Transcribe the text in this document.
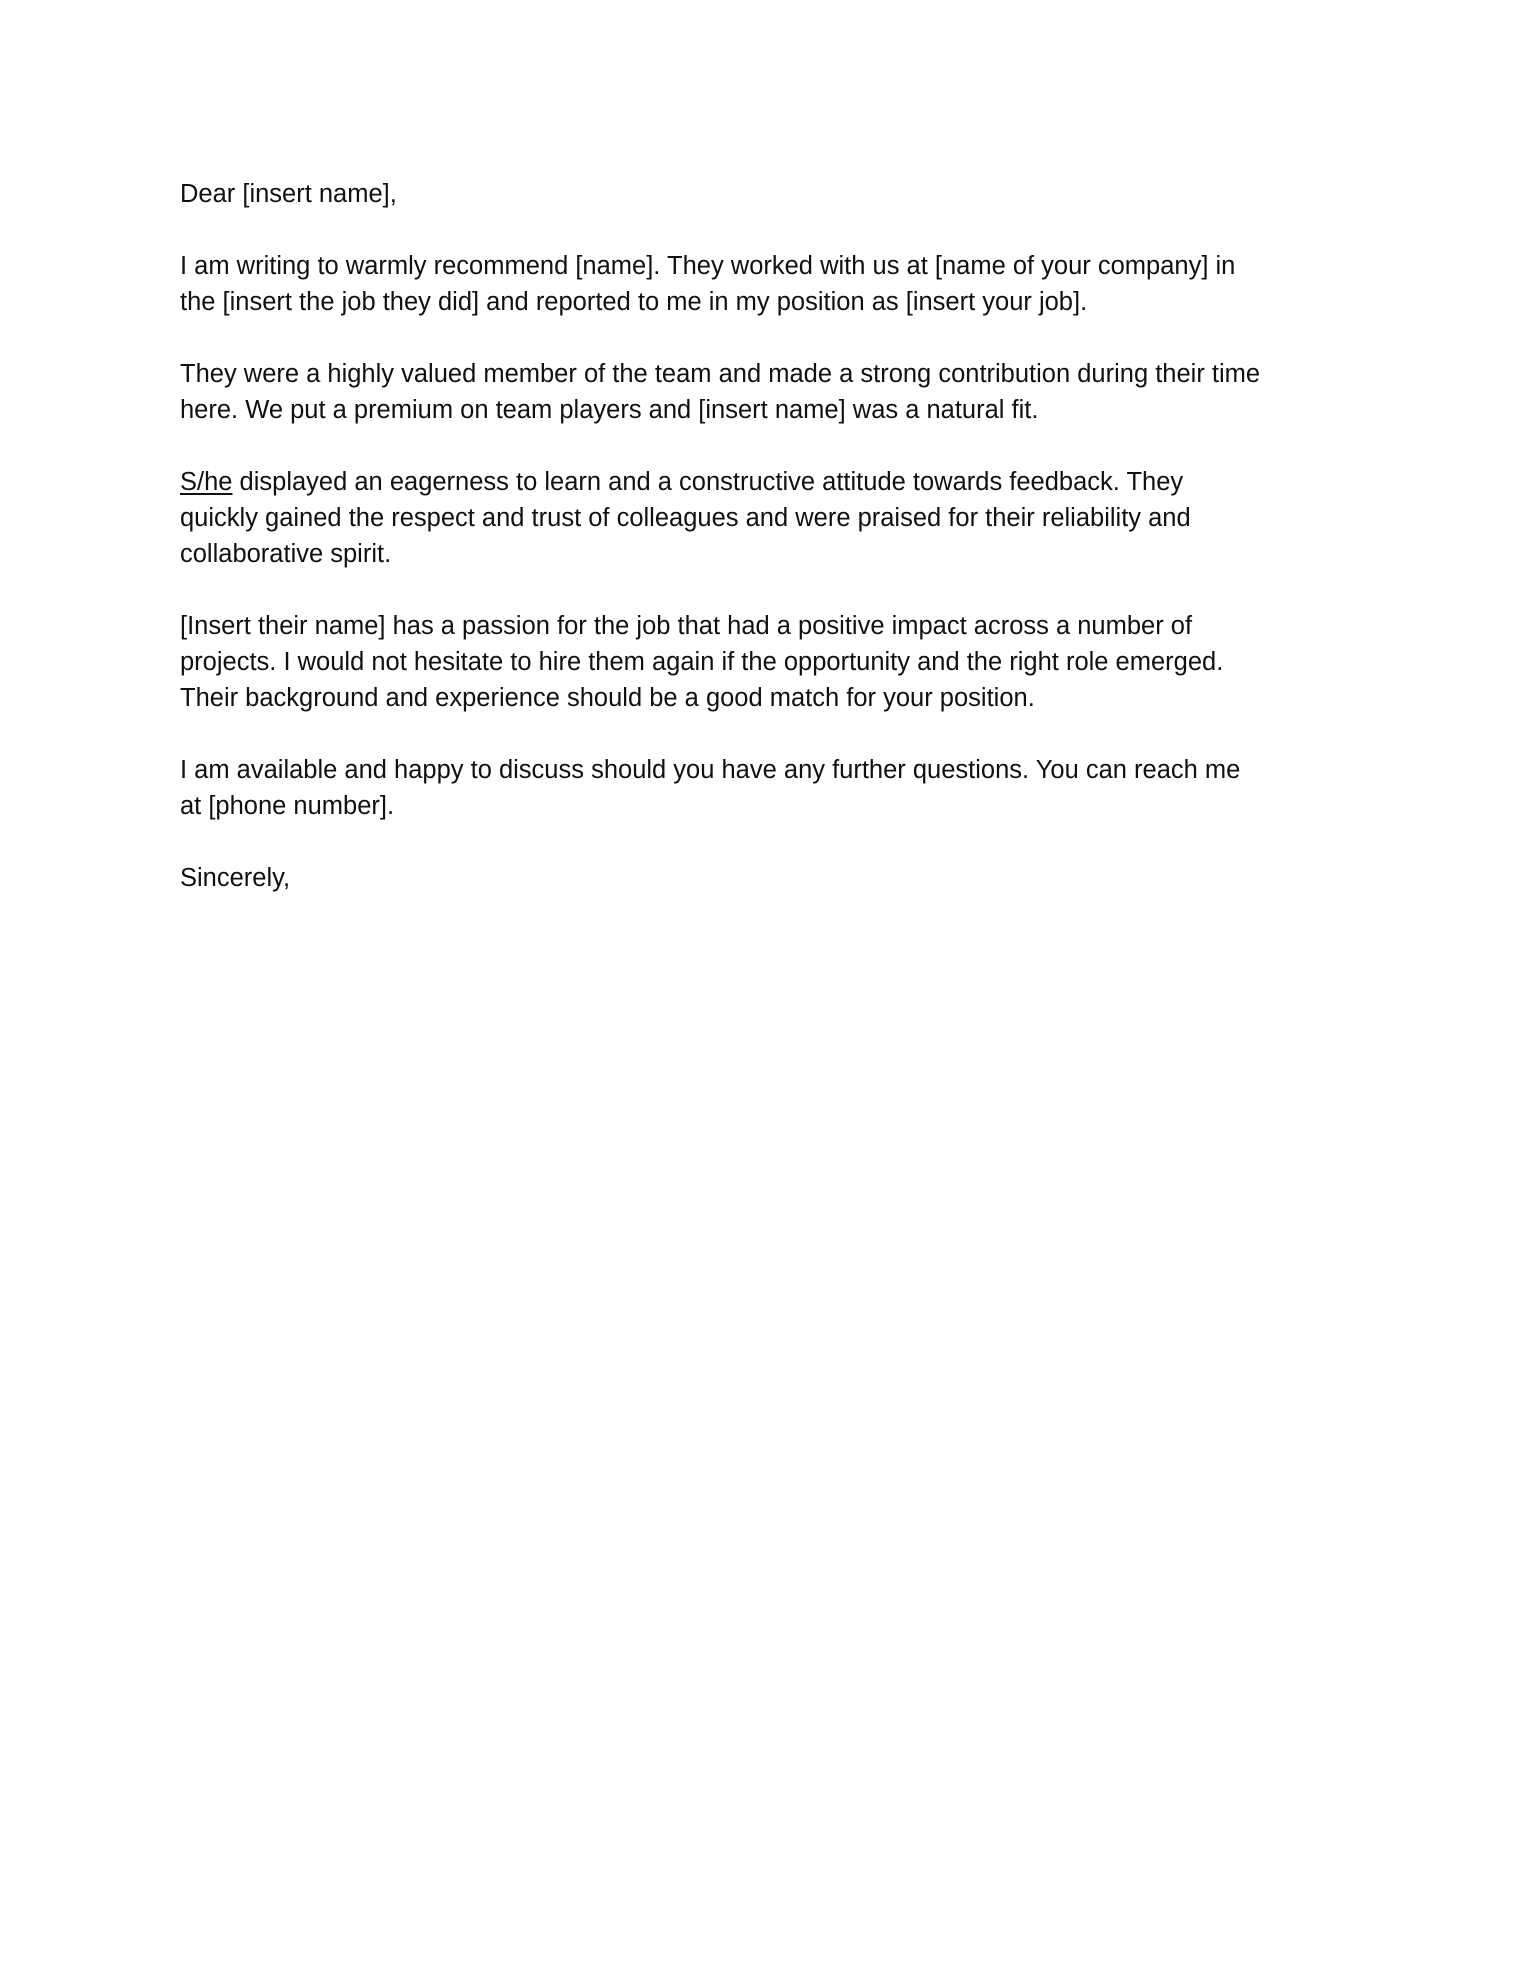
Dear [insert name],

I am writing to warmly recommend [name]. They worked with us at [name of your company] in
the [insert the job they did] and reported to me in my position as [insert your job].

They were a highly valued member of the team and made a strong contribution during their time
here. We put a premium on team players and [insert name] was a natural fit.

S/he displayed an eagerness to learn and a constructive attitude towards feedback. They
quickly gained the respect and trust of colleagues and were praised for their reliability and
collaborative spirit.

[Insert their name] has a passion for the job that had a positive impact across a number of
projects. I would not hesitate to hire them again if the opportunity and the right role emerged.
Their background and experience should be a good match for your position.

I am available and happy to discuss should you have any further questions. You can reach me
at [phone number].

Sincerely,
